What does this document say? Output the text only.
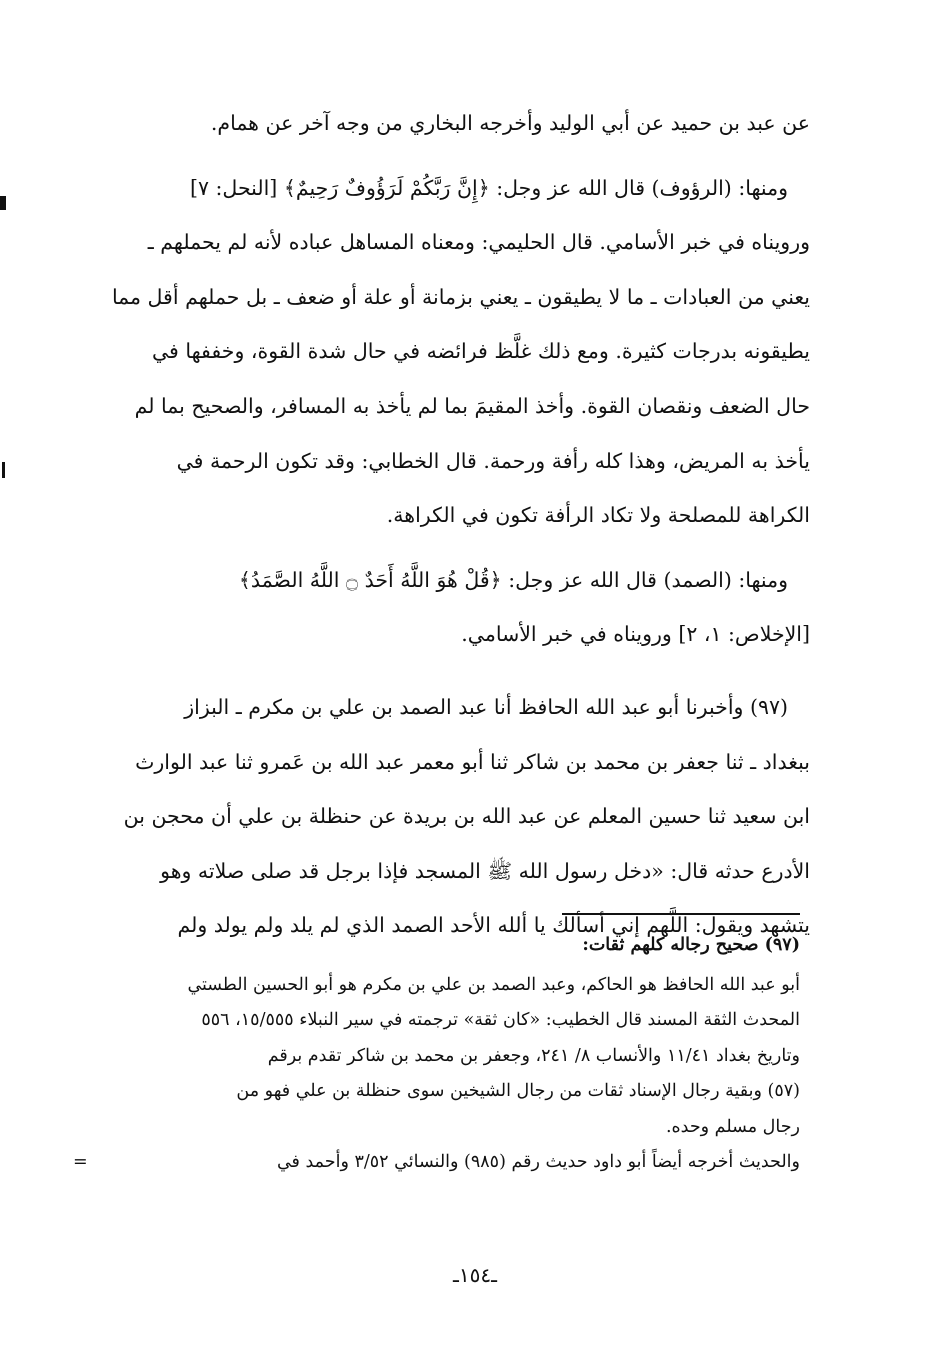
عن عبد بن حميد عن أبي الوليد وأخرجه البخاري من وجه آخر عن همام.

ومنها: (الرؤوف) قال الله عز وجل: ﴿إِنَّ رَبَّكُمْ لَرَؤُوفٌ رَحِيمٌ﴾ [النحل: ٧]

ورويناه في خبر الأسامي. قال الحليمي: ومعناه المساهل عباده لأنه لم يحملهم ـ

يعني من العبادات ـ ما لا يطيقون ـ يعني بزمانة أو علة أو ضعف ـ بل حملهم أقل مما

يطيقونه بدرجات كثيرة. ومع ذلك غلَّظ فرائضه في حال شدة القوة، وخففها في

حال الضعف ونقصان القوة. وأخذ المقيمَ بما لم يأخذ به المسافر، والصحيح بما لم

يأخذ به المريض، وهذا كله رأفة ورحمة. قال الخطابي: وقد تكون الرحمة في

الكراهة للمصلحة ولا تكاد الرأفة تكون في الكراهة.

ومنها: (الصمد) قال الله عز وجل: ﴿قُلْ هُوَ اللَّهُ أَحَدٌ ۝ اللَّهُ الصَّمَدُ﴾

[الإخلاص: ١، ٢] ورويناه في خبر الأسامي.

(٩٧) وأخبرنا أبو عبد الله الحافظ أنا عبد الصمد بن علي بن مكرم ـ البزاز

ببغداد ـ ثنا جعفر بن محمد بن شاكر ثنا أبو معمر عبد الله بن عَمرو ثنا عبد الوارث

ابن سعيد ثنا حسين المعلم عن عبد الله بن بريدة عن حنظلة بن علي أن محجن بن

الأدرع حدثه قال: «دخل رسول الله ﷺ المسجد فإذا برجل قد صلى صلاته وهو

يتشهد ويقول: اللَّهم إني أسألك يا ألله الأحد الصمد الذي لم يلد ولم يولد ولم

(٩٧) صحيح رجاله كلهم ثقات:

أبو عبد الله الحافظ هو الحاكم، وعبد الصمد بن علي بن مكرم هو أبو الحسين الطستي

المحدث الثقة المسند قال الخطيب: «كان ثقة» ترجمته في سير النبلاء ١٥/٥٥٥، ٥٥٦

وتاريخ بغداد ١١/٤١ والأنساب ٨/ ٢٤١، وجعفر بن محمد بن شاكر تقدم برقم

(٥٧) وبقية رجال الإسناد ثقات من رجال الشيخين سوى حنظلة بن علي فهو من

رجال مسلم وحده.

والحديث أخرجه أيضاً أبو داود حديث رقم (٩٨٥) والنسائي ٣/٥٢ وأحمد في
=

ـ١٥٤ـ
